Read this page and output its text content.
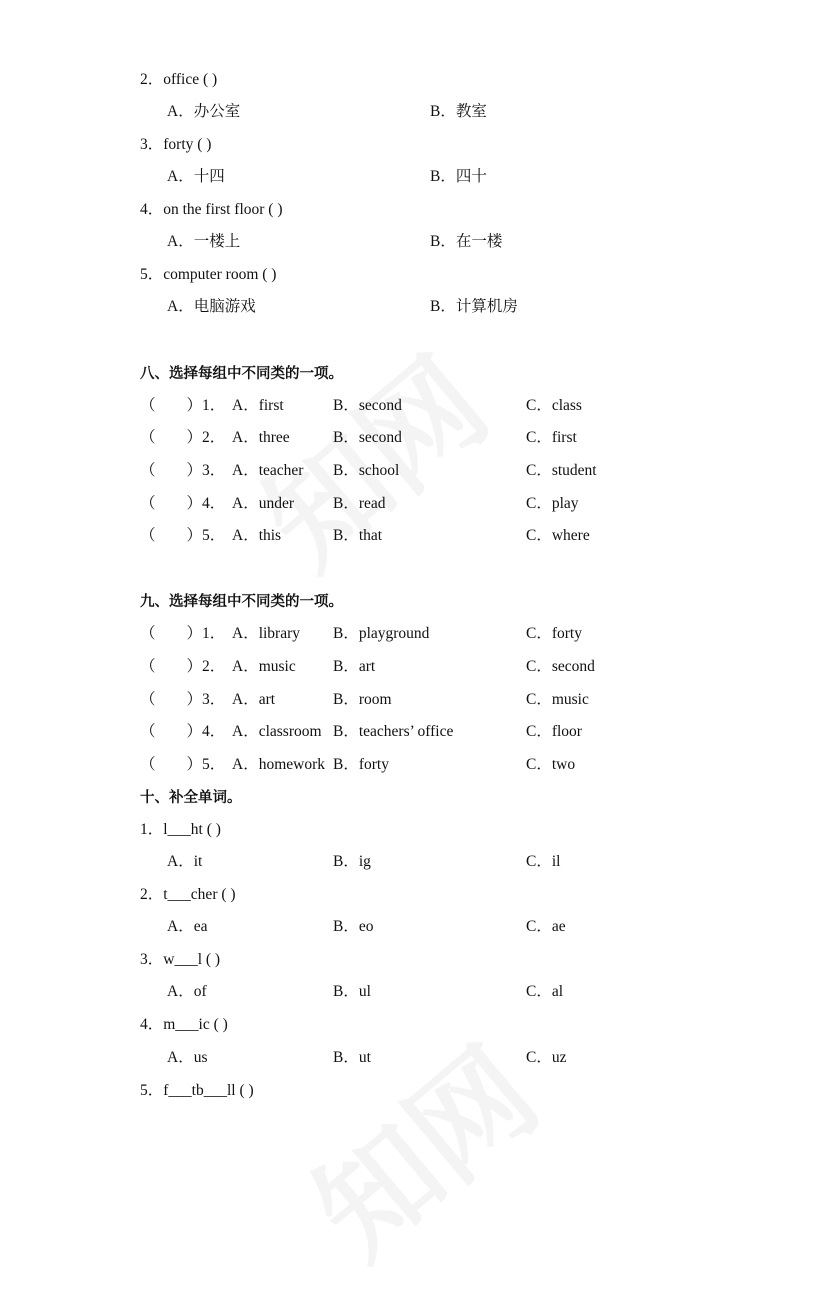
2．office ( )
A．办公室	B．教室
3．forty ( )
A．十四	B．四十
4．on the first floor ( )
A．一楼上	B．在一楼
5．computer room ( )
A．电脑游戏	B．计算机房
八、选择每组中不同类的一项。
（　　）1． A．first	B．second	C．class
（　　）2． A．three	B．second	C．first
（　　）3． A．teacher B．school	C．student
（　　）4． A．under	B．read	C．play
（　　）5． A．this	B．that	C．where
九、选择每组中不同类的一项。
（　　）1． A．library B．playground	C．forty
（　　）2． A．music B．art	C．second
（　　）3． A．art	B．room	C．music
（　　）4． A．classroom B．teachers’ office	C．floor
（　　）5． A．homework B．forty	C．two
十、补全单词。
1．l___ht ( )
A．it	B．ig	C．il
2．t___cher ( )
A．ea	B．eo	C．ae
3．w___l ( )
A．of	B．ul	C．al
4．m___ic ( )
A．us	B．ut	C．uz
5．f___tb___ll ( )
